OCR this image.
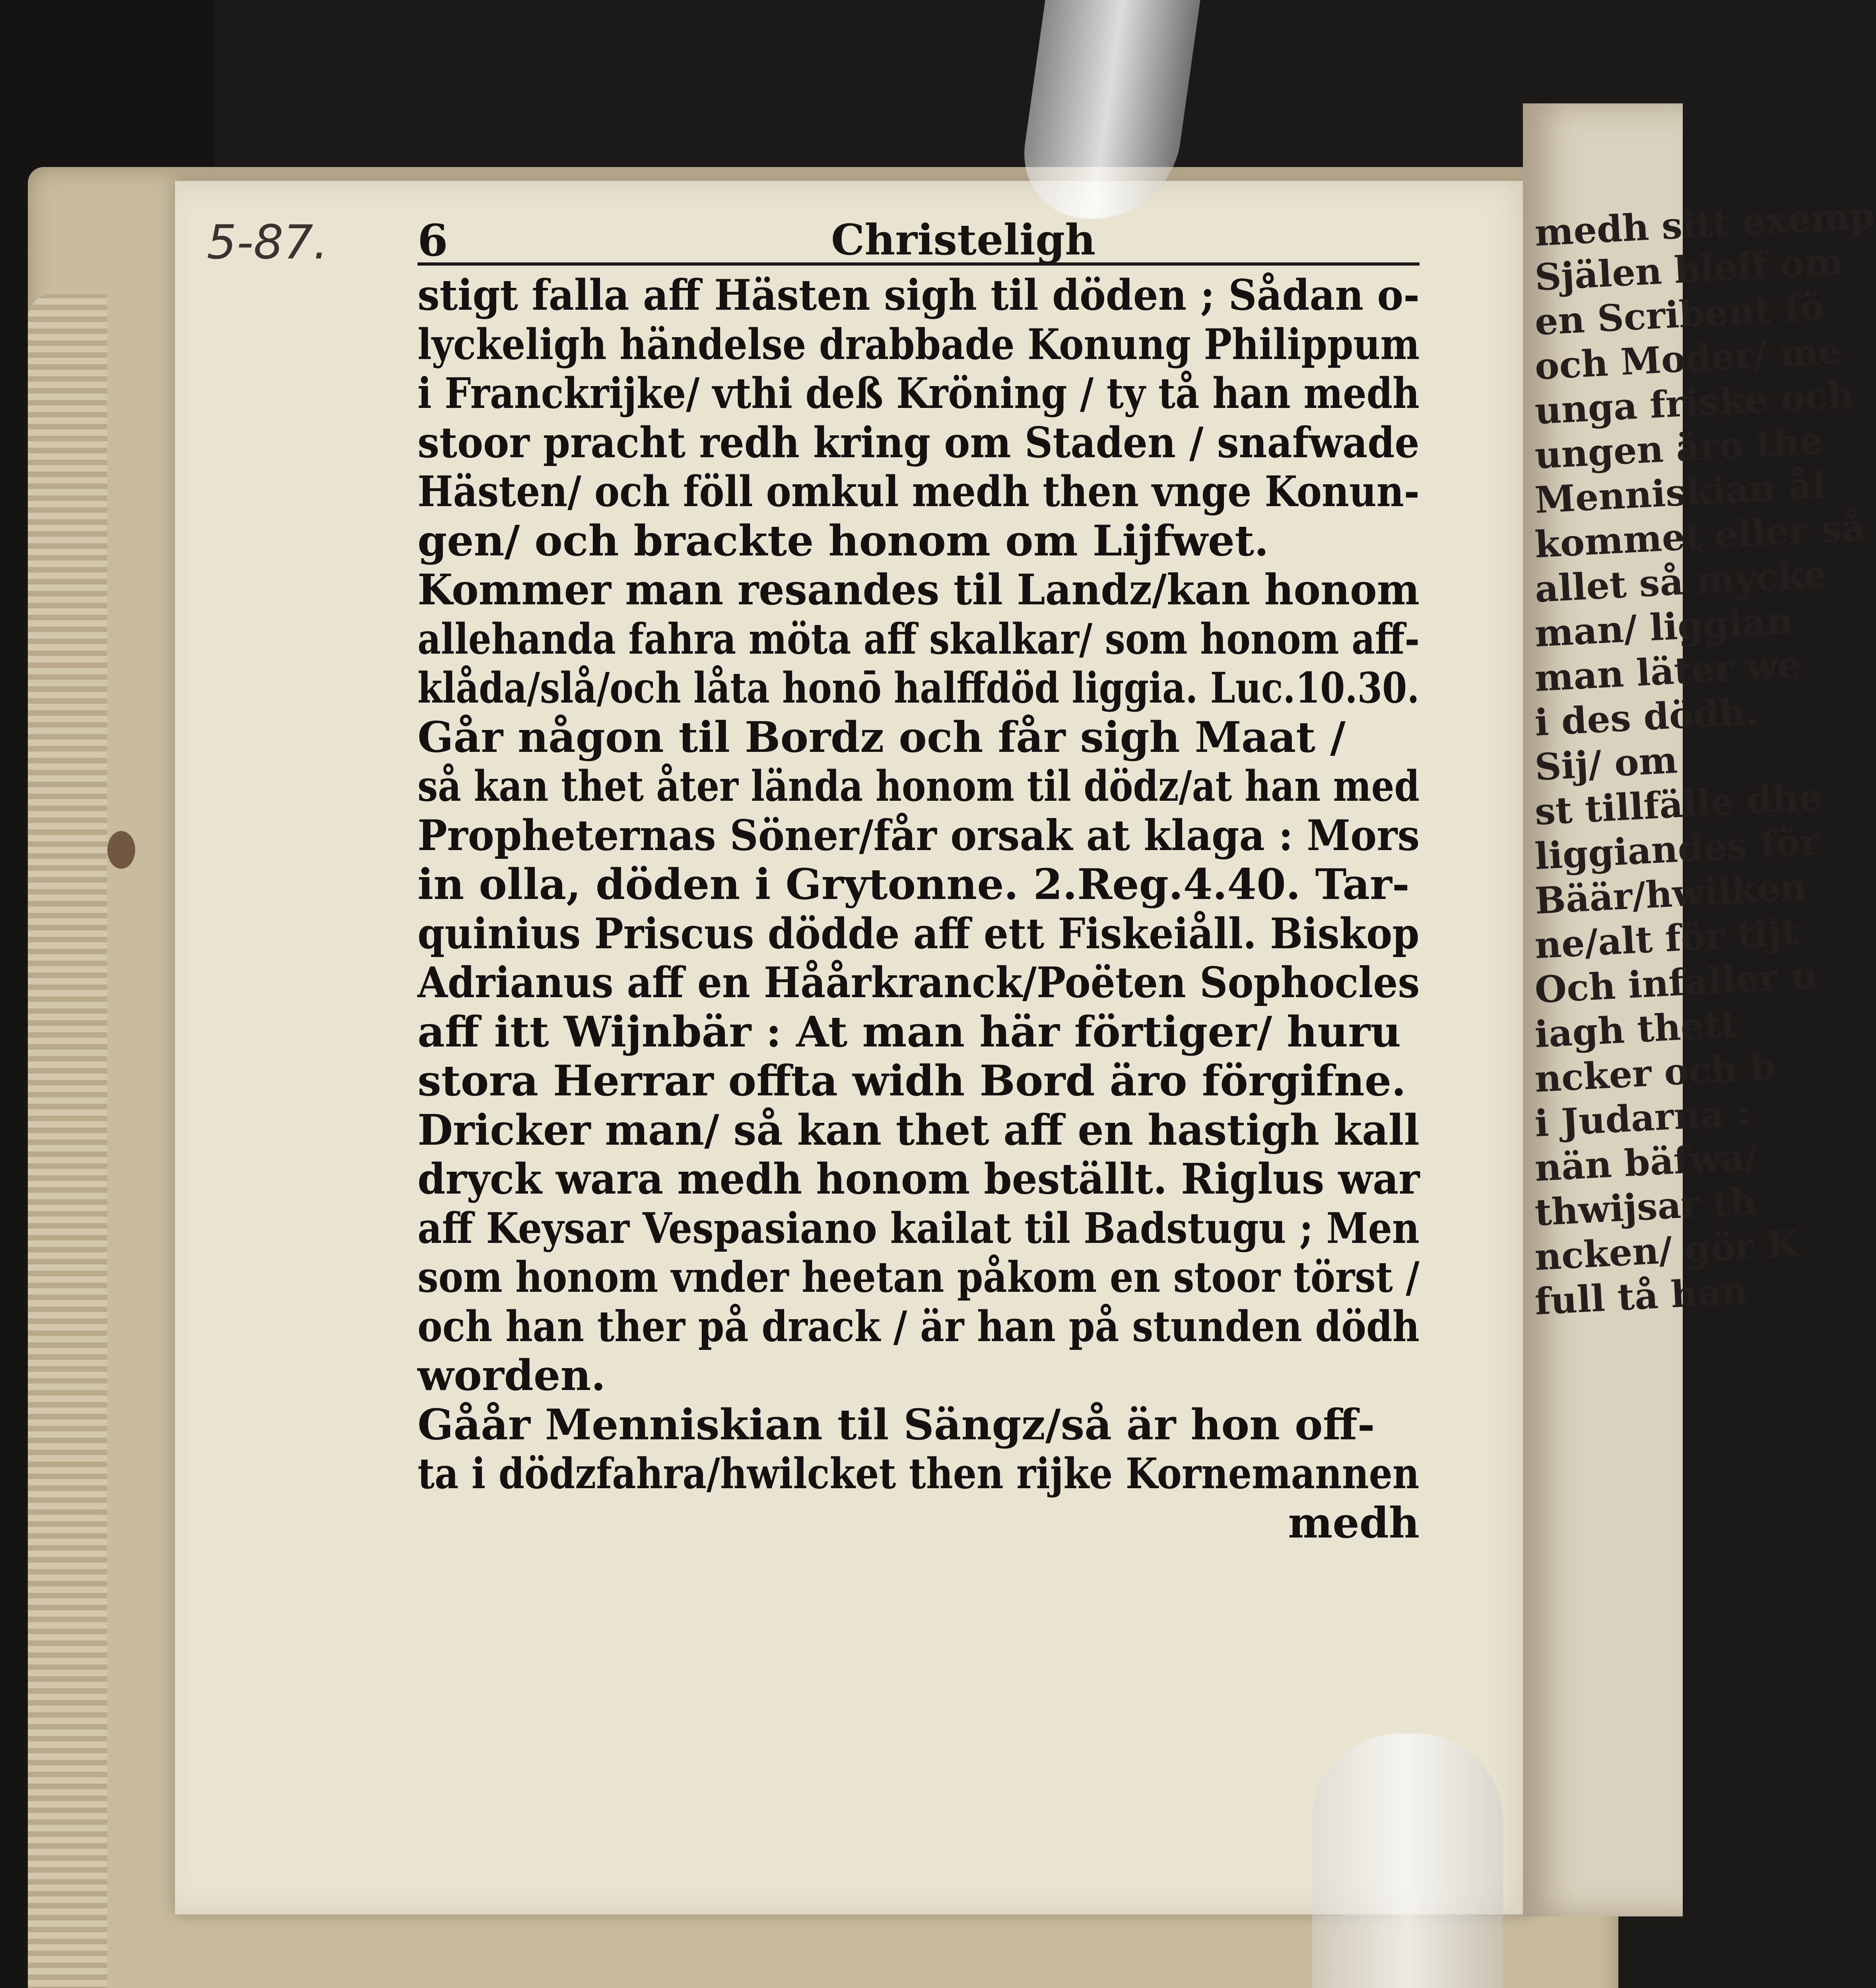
medh sitt exemp
Själen bleff om
en Scribent fö
och Moder/ me
unga friske och
ungen äro the
Menniskian ål
kommet eller så
allet så mycke
man/ liggian
man läter we
i des dödh.
Sij/ om
st tillfälle dhe
liggiandes för
Bäär/hwilken
ne/alt för tijt
Och infaller u
iagh thett
ncker och b
i Judarna :
nän bäfwa/
thwijsar th
ncken/ gör K
full tå han
5-87. 6	Christeligh
stigt falla aff Hästen sigh til döden ; Sådan o-
lyckeligh händelse drabbade Konung Philippum
i Franckrijke/ vthi deß Kröning / ty tå han medh
stoor pracht redh kring om Staden / snafwade
Hästen/ och föll omkul medh then vnge Konun-
gen/ och brackte honom om Lijfwet.
Kommer man resandes til Landz/kan honom
allehanda fahra möta aff skalkar/ som honom aff-
klåda/slå/och låta honō halffdöd liggia. Luc.10.30.
Går någon til Bordz och får sigh Maat /
så kan thet åter lända honom til dödz/at han med
Propheternas Söner/får orsak at klaga : Mors
in olla, döden i Grytonne. 2.Reg.4.40. Tar-
quinius Priscus dödde aff ett Fiskeiåll. Biskop
Adrianus aff en Håårkranck/Poëten Sophocles
aff itt Wijnbär : At man här förtiger/ huru
stora Herrar offta widh Bord äro förgifne.
Dricker man/ så kan thet aff en hastigh kall
dryck wara medh honom beställt. Riglus war
aff Keysar Vespasiano kailat til Badstugu ; Men
som honom vnder heetan påkom en stoor törst /
och han ther på drack / är han på stunden dödh
worden.
Gåår Menniskian til Sängz/så är hon off-
ta i dödzfahra/hwilcket then rijke Kornemannen
medh
